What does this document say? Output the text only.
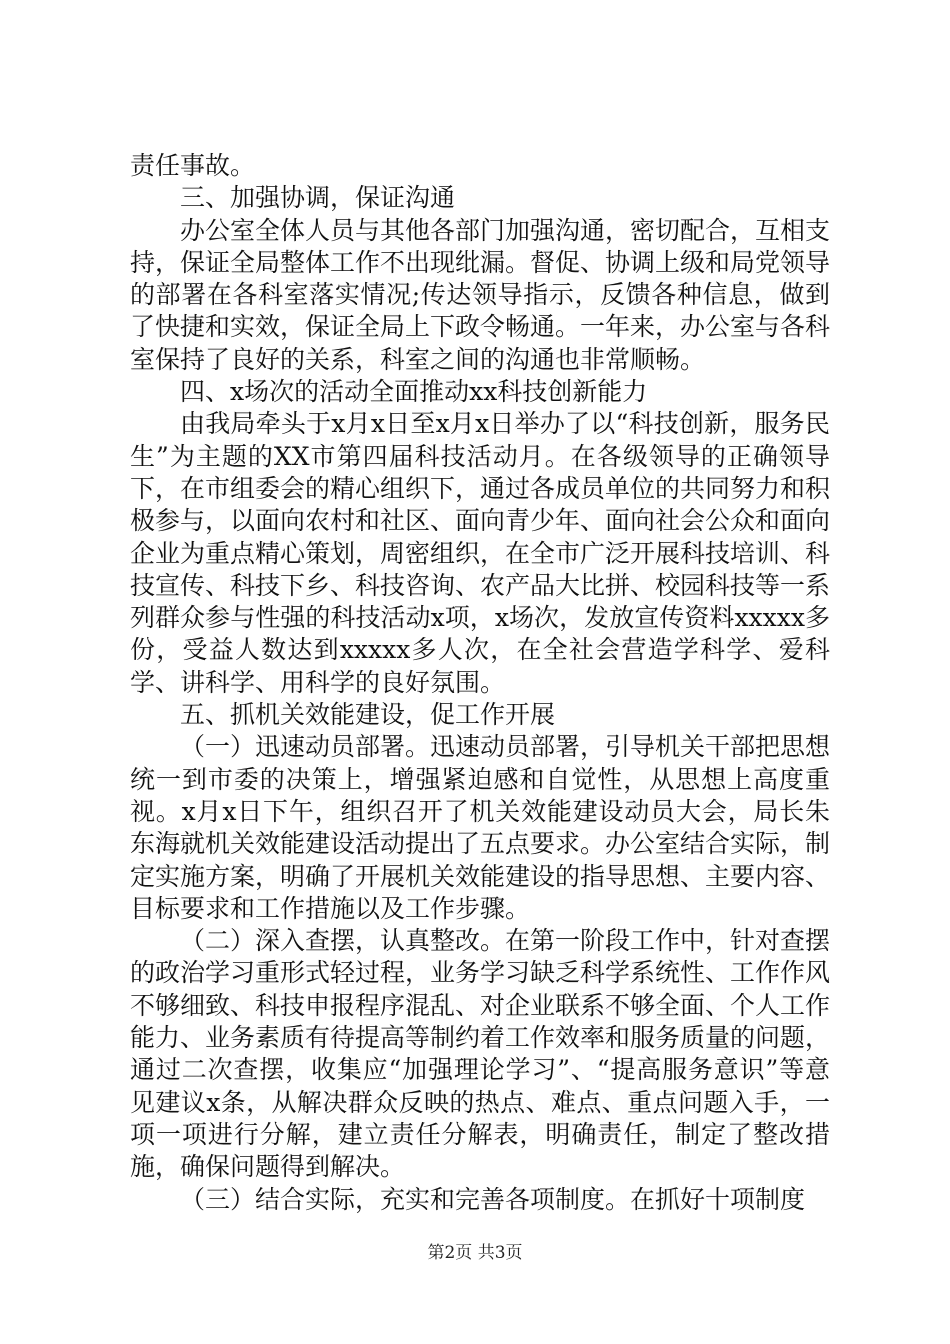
责任事故。

三、加强协调，保证沟通

办公室全体人员与其他各部门加强沟通，密切配合，互相支持，保证全局整体工作不出现纰漏。督促、协调上级和局党领导的部署在各科室落实情况;传达领导指示，反馈各种信息，做到了快捷和实效，保证全局上下政令畅通。一年来，办公室与各科室保持了良好的关系，科室之间的沟通也非常顺畅。

四、x场次的活动全面推动xx科技创新能力

由我局牵头于x月x日至x月x日举办了以“科技创新，服务民生”为主题的XX市第四届科技活动月。在各级领导的正确领导下，在市组委会的精心组织下，通过各成员单位的共同努力和积极参与，以面向农村和社区、面向青少年、面向社会公众和面向企业为重点精心策划，周密组织，在全市广泛开展科技培训、科技宣传、科技下乡、科技咨询、农产品大比拼、校园科技等一系列群众参与性强的科技活动x项，x场次，发放宣传资料xxxxx多份，受益人数达到xxxxx多人次，在全社会营造学科学、爱科学、讲科学、用科学的良好氛围。

五、抓机关效能建设，促工作开展

（一）迅速动员部署。迅速动员部署，引导机关干部把思想统一到市委的决策上，增强紧迫感和自觉性，从思想上高度重视。x月x日下午，组织召开了机关效能建设动员大会，局长朱东海就机关效能建设活动提出了五点要求。办公室结合实际，制定实施方案，明确了开展机关效能建设的指导思想、主要内容、目标要求和工作措施以及工作步骤。

（二）深入查摆，认真整改。在第一阶段工作中，针对查摆的政治学习重形式轻过程，业务学习缺乏科学系统性、工作作风不够细致、科技申报程序混乱、对企业联系不够全面、个人工作能力、业务素质有待提高等制约着工作效率和服务质量的问题，通过二次查摆，收集应“加强理论学习”、“提高服务意识”等意见建议x条，从解决群众反映的热点、难点、重点问题入手，一项一项进行分解，建立责任分解表，明确责任，制定了整改措施，确保问题得到解决。

（三）结合实际，充实和完善各项制度。在抓好十项制度

第2页 共3页
